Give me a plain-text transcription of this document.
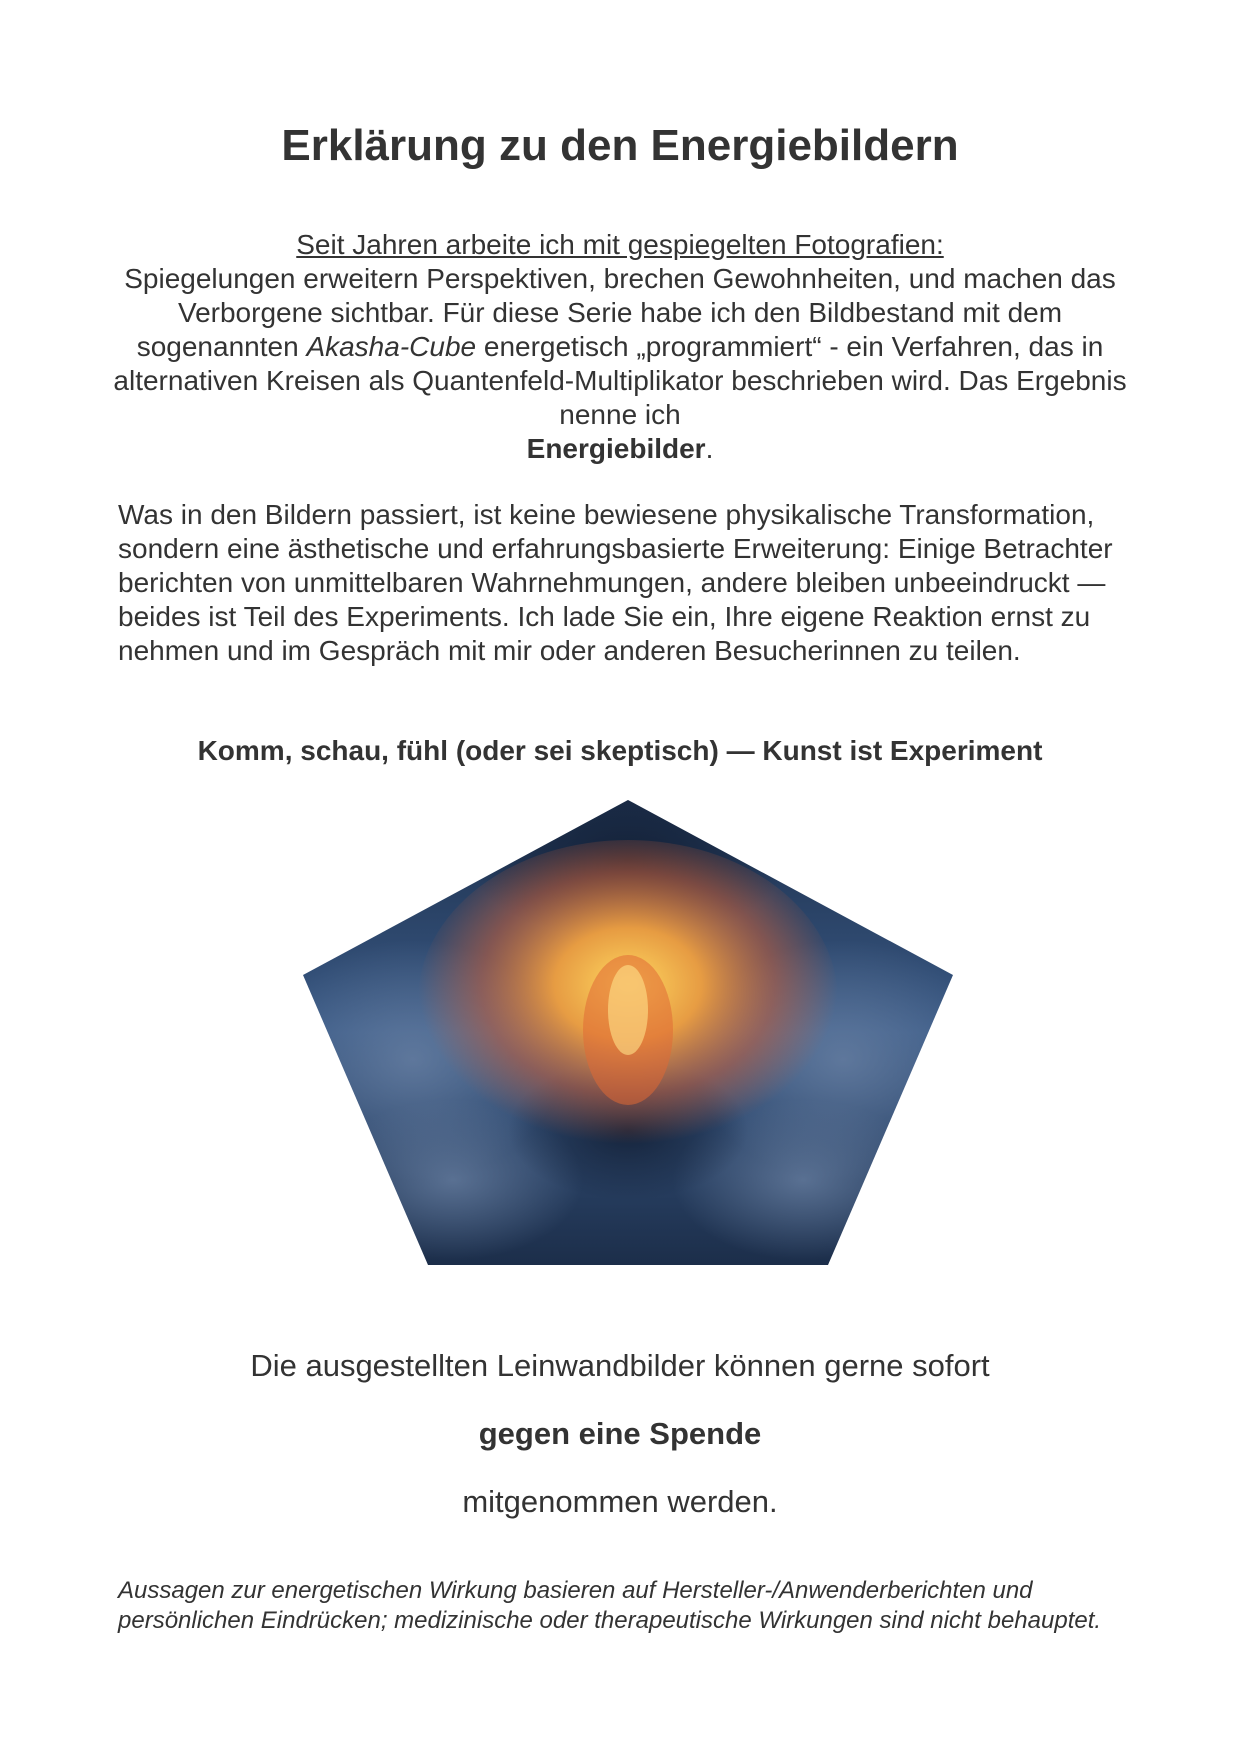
Erklärung zu den Energiebildern

Seit Jahren arbeite ich mit gespiegelten Fotografien:
Spiegelungen erweitern Perspektiven, brechen Gewohnheiten, und machen das Verborgene sichtbar. Für diese Serie habe ich den Bildbestand mit dem sogenannten Akasha-Cube energetisch „programmiert“ - ein Verfahren, das in alternativen Kreisen als Quantenfeld-Multiplikator beschrieben wird. Das Ergebnis nenne ich
Energiebilder.

Was in den Bildern passiert, ist keine bewiesene physikalische Transformation, sondern eine ästhetische und erfahrungsbasierte Erweiterung: Einige Betrachter berichten von unmittelbaren Wahrnehmungen, andere bleiben unbeeindruckt — beides ist Teil des Experiments. Ich lade Sie ein, Ihre eigene Reaktion ernst zu nehmen und im Gespräch mit mir oder anderen Besucherinnen zu teilen.

Komm, schau, fühl (oder sei skeptisch) — Kunst ist Experiment

Die ausgestellten Leinwandbilder können gerne sofort

gegen eine Spende

mitgenommen werden.

Aussagen zur energetischen Wirkung basieren auf Hersteller-/Anwenderberichten und persönlichen Eindrücken; medizinische oder therapeutische Wirkungen sind nicht behauptet.
